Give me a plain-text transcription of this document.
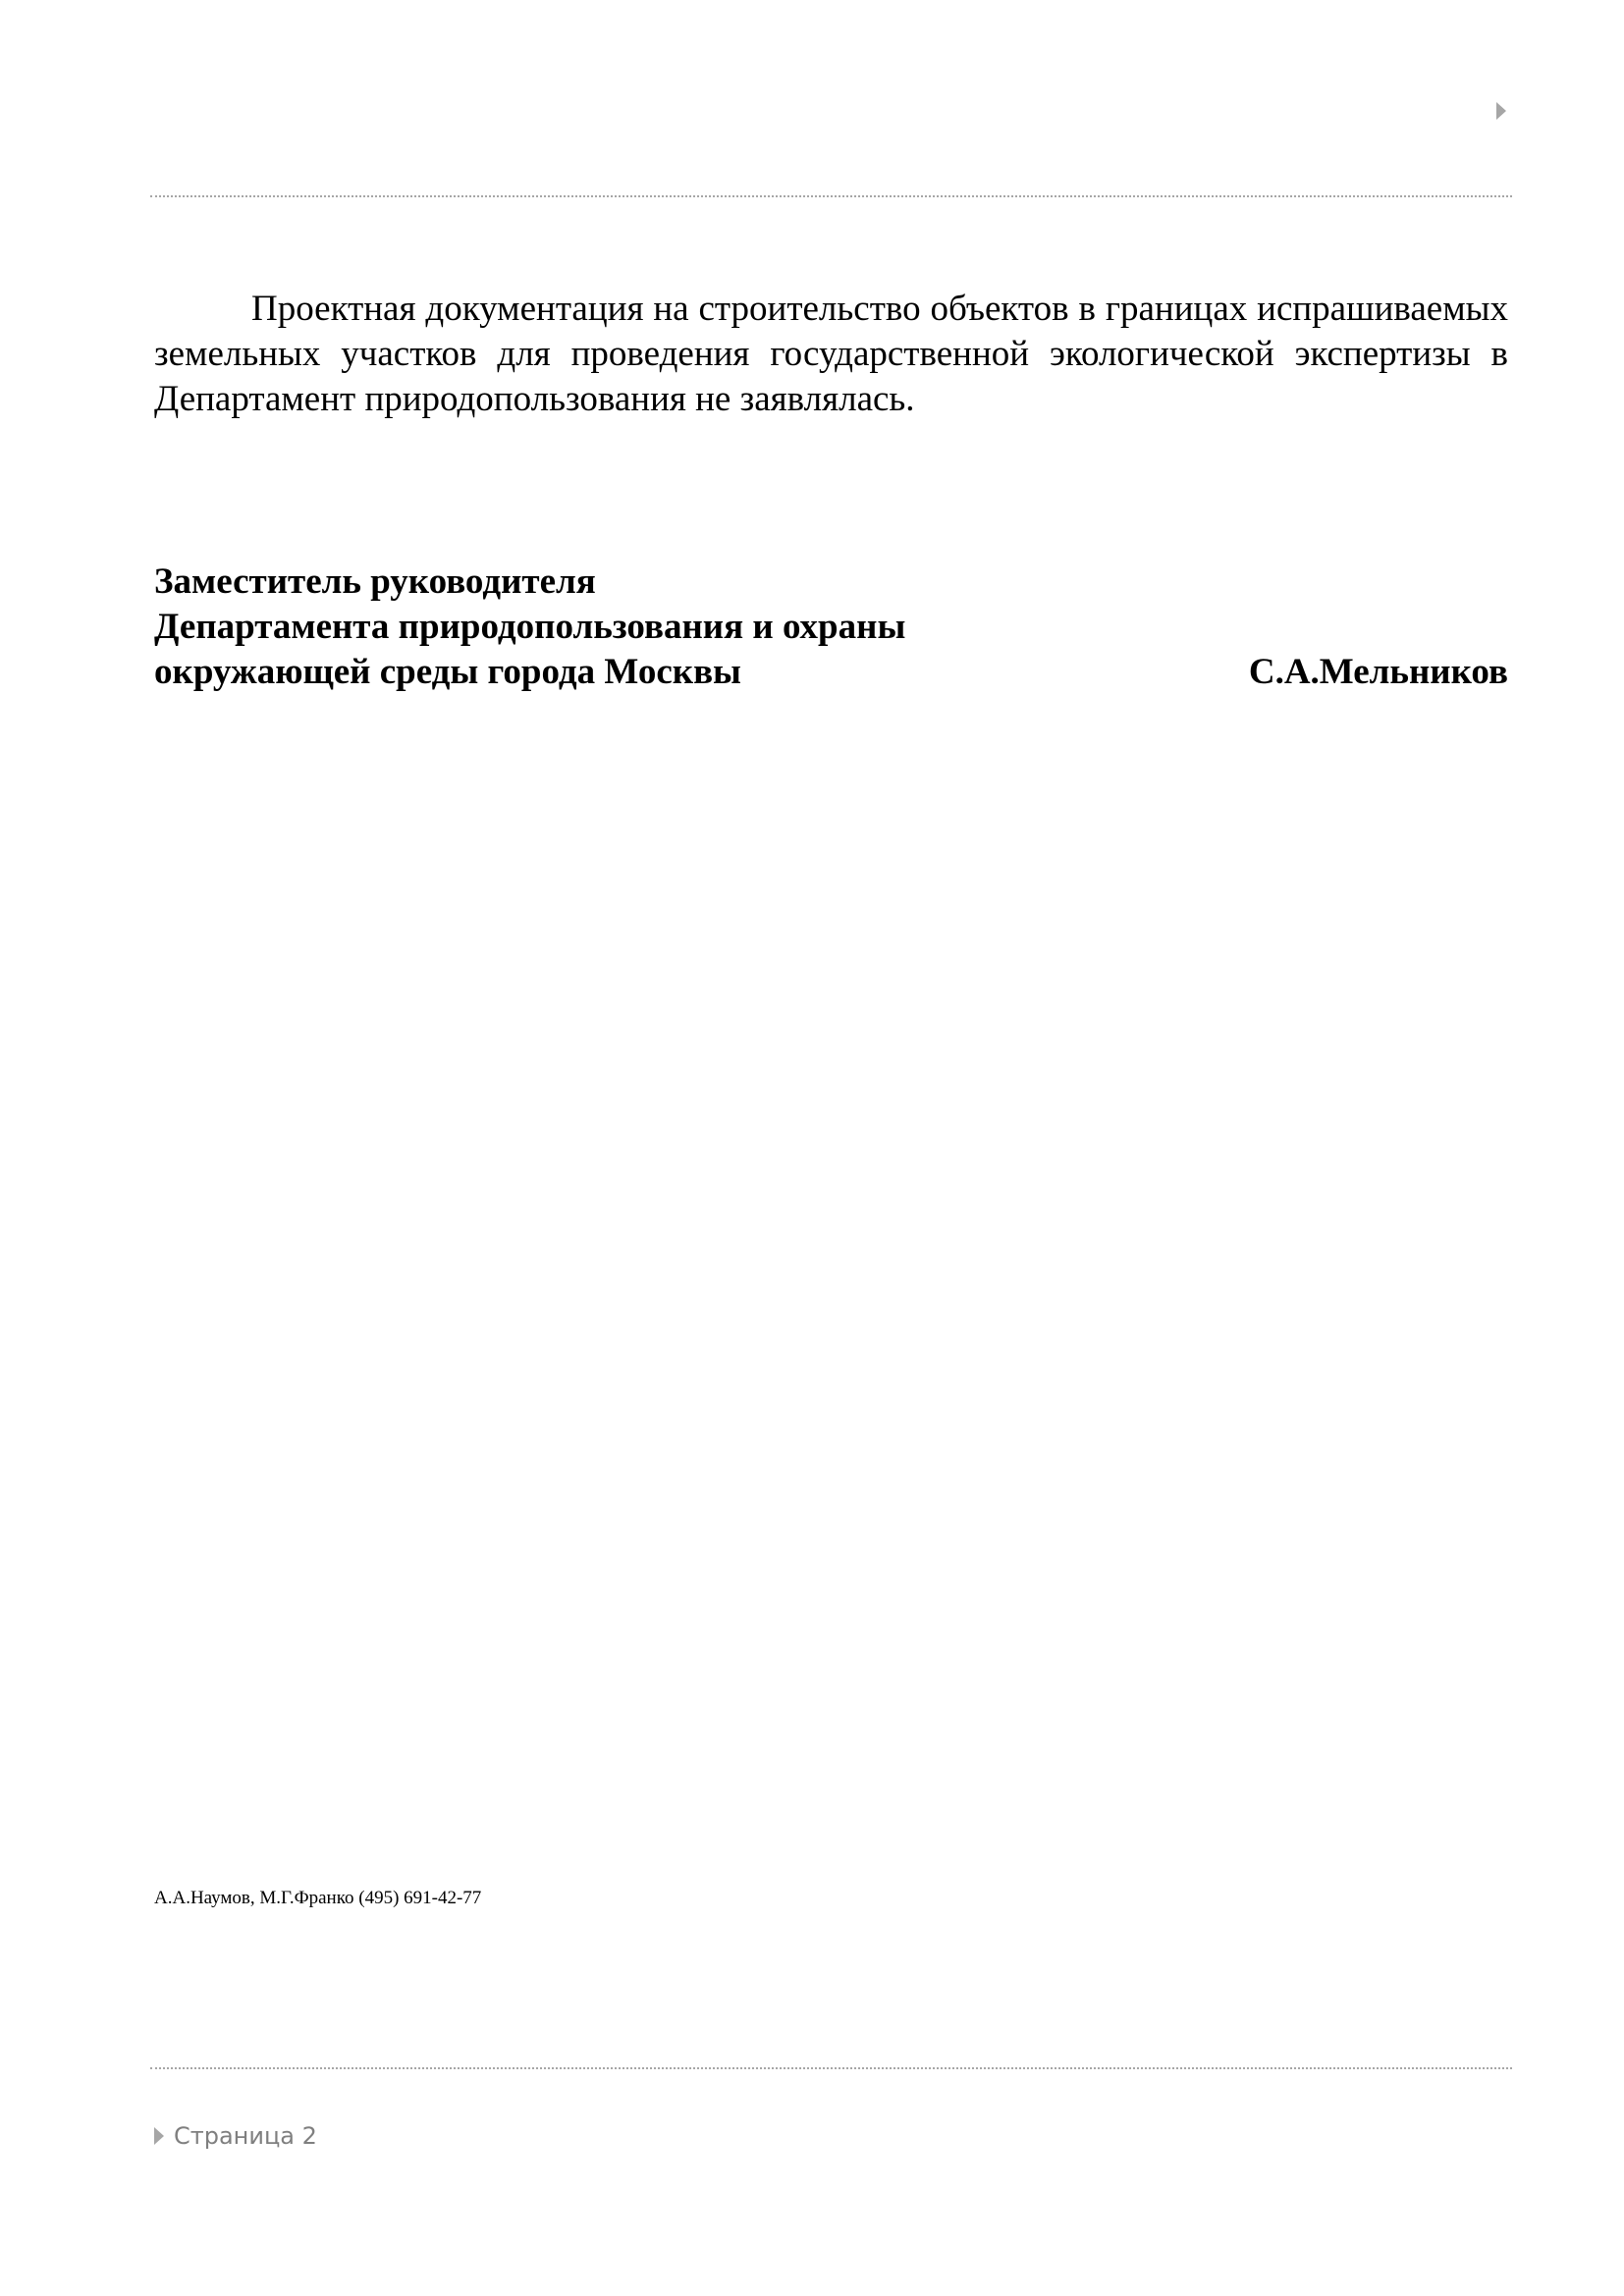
Проектная документация на строительство объектов в границах испрашиваемых земельных участков для проведения государственной экологической экспертизы в Департамент природопользования не заявлялась.

Заместитель руководителя
Департамента природопользования и охраны
окружающей среды города Москвы	С.А.Мельников
А.А.Наумов, М.Г.Франко (495) 691-42-77
Страница 2
